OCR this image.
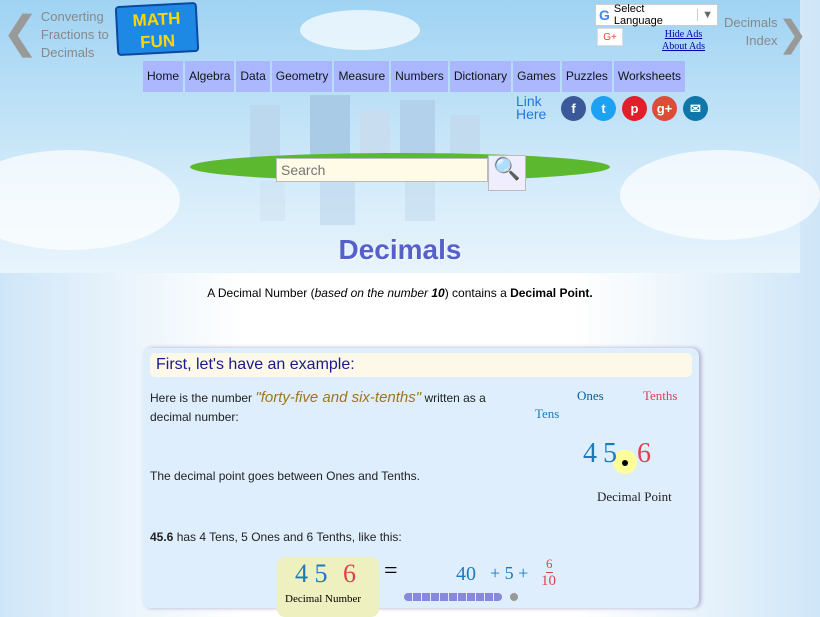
❮ Converting
Fractions to
Decimals
Decimals
Index ❯
MATH
FUN
G Select Language	▼
G+	Hide Ads
About Ads
Home Algebra Data Geometry Measure Numbers Dictionary Games Puzzles Worksheets
Link
Here	f	t	p	g+	✉
Search
🔍
Decimals
A Decimal Number (based on the number 10) contains a Decimal Point.
First, let's have an example:
Here is the number "forty-five and six-tenths" written as a decimal number:
The decimal point goes between Ones and Tenths.
45.6 has 4 Tens, 5 Ones and 6 Tenths, like this:
Tens
Ones	Tenths
4 5 6
Decimal Point
4 5 6
Decimal Number
=	40 + 5 + 6
10
